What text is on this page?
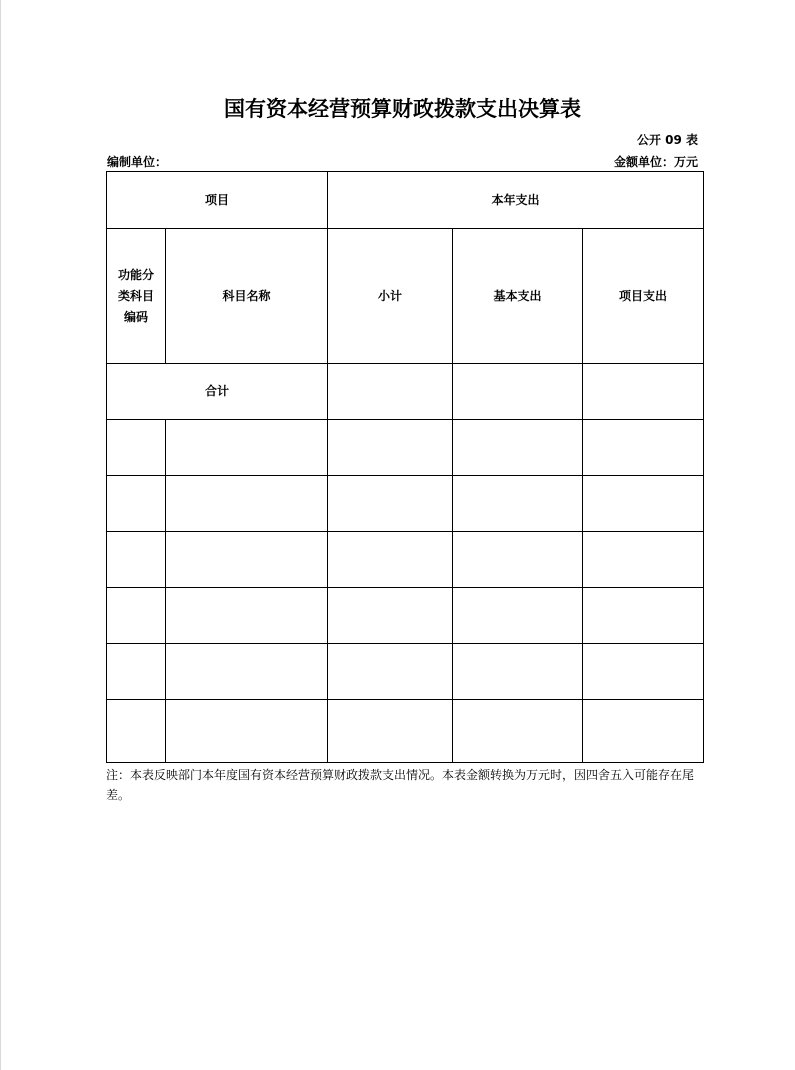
国有资本经营预算财政拨款支出决算表
公开 09 表
编制单位：	金额单位：万元
项目		本年支出		

功能分类科目编码	科目名称	小计	基本支出	项目支出
合计				

注：本表反映部门本年度国有资本经营预算财政拨款支出情况。本表金额转换为万元时，因四舍五入可能存在尾差。
